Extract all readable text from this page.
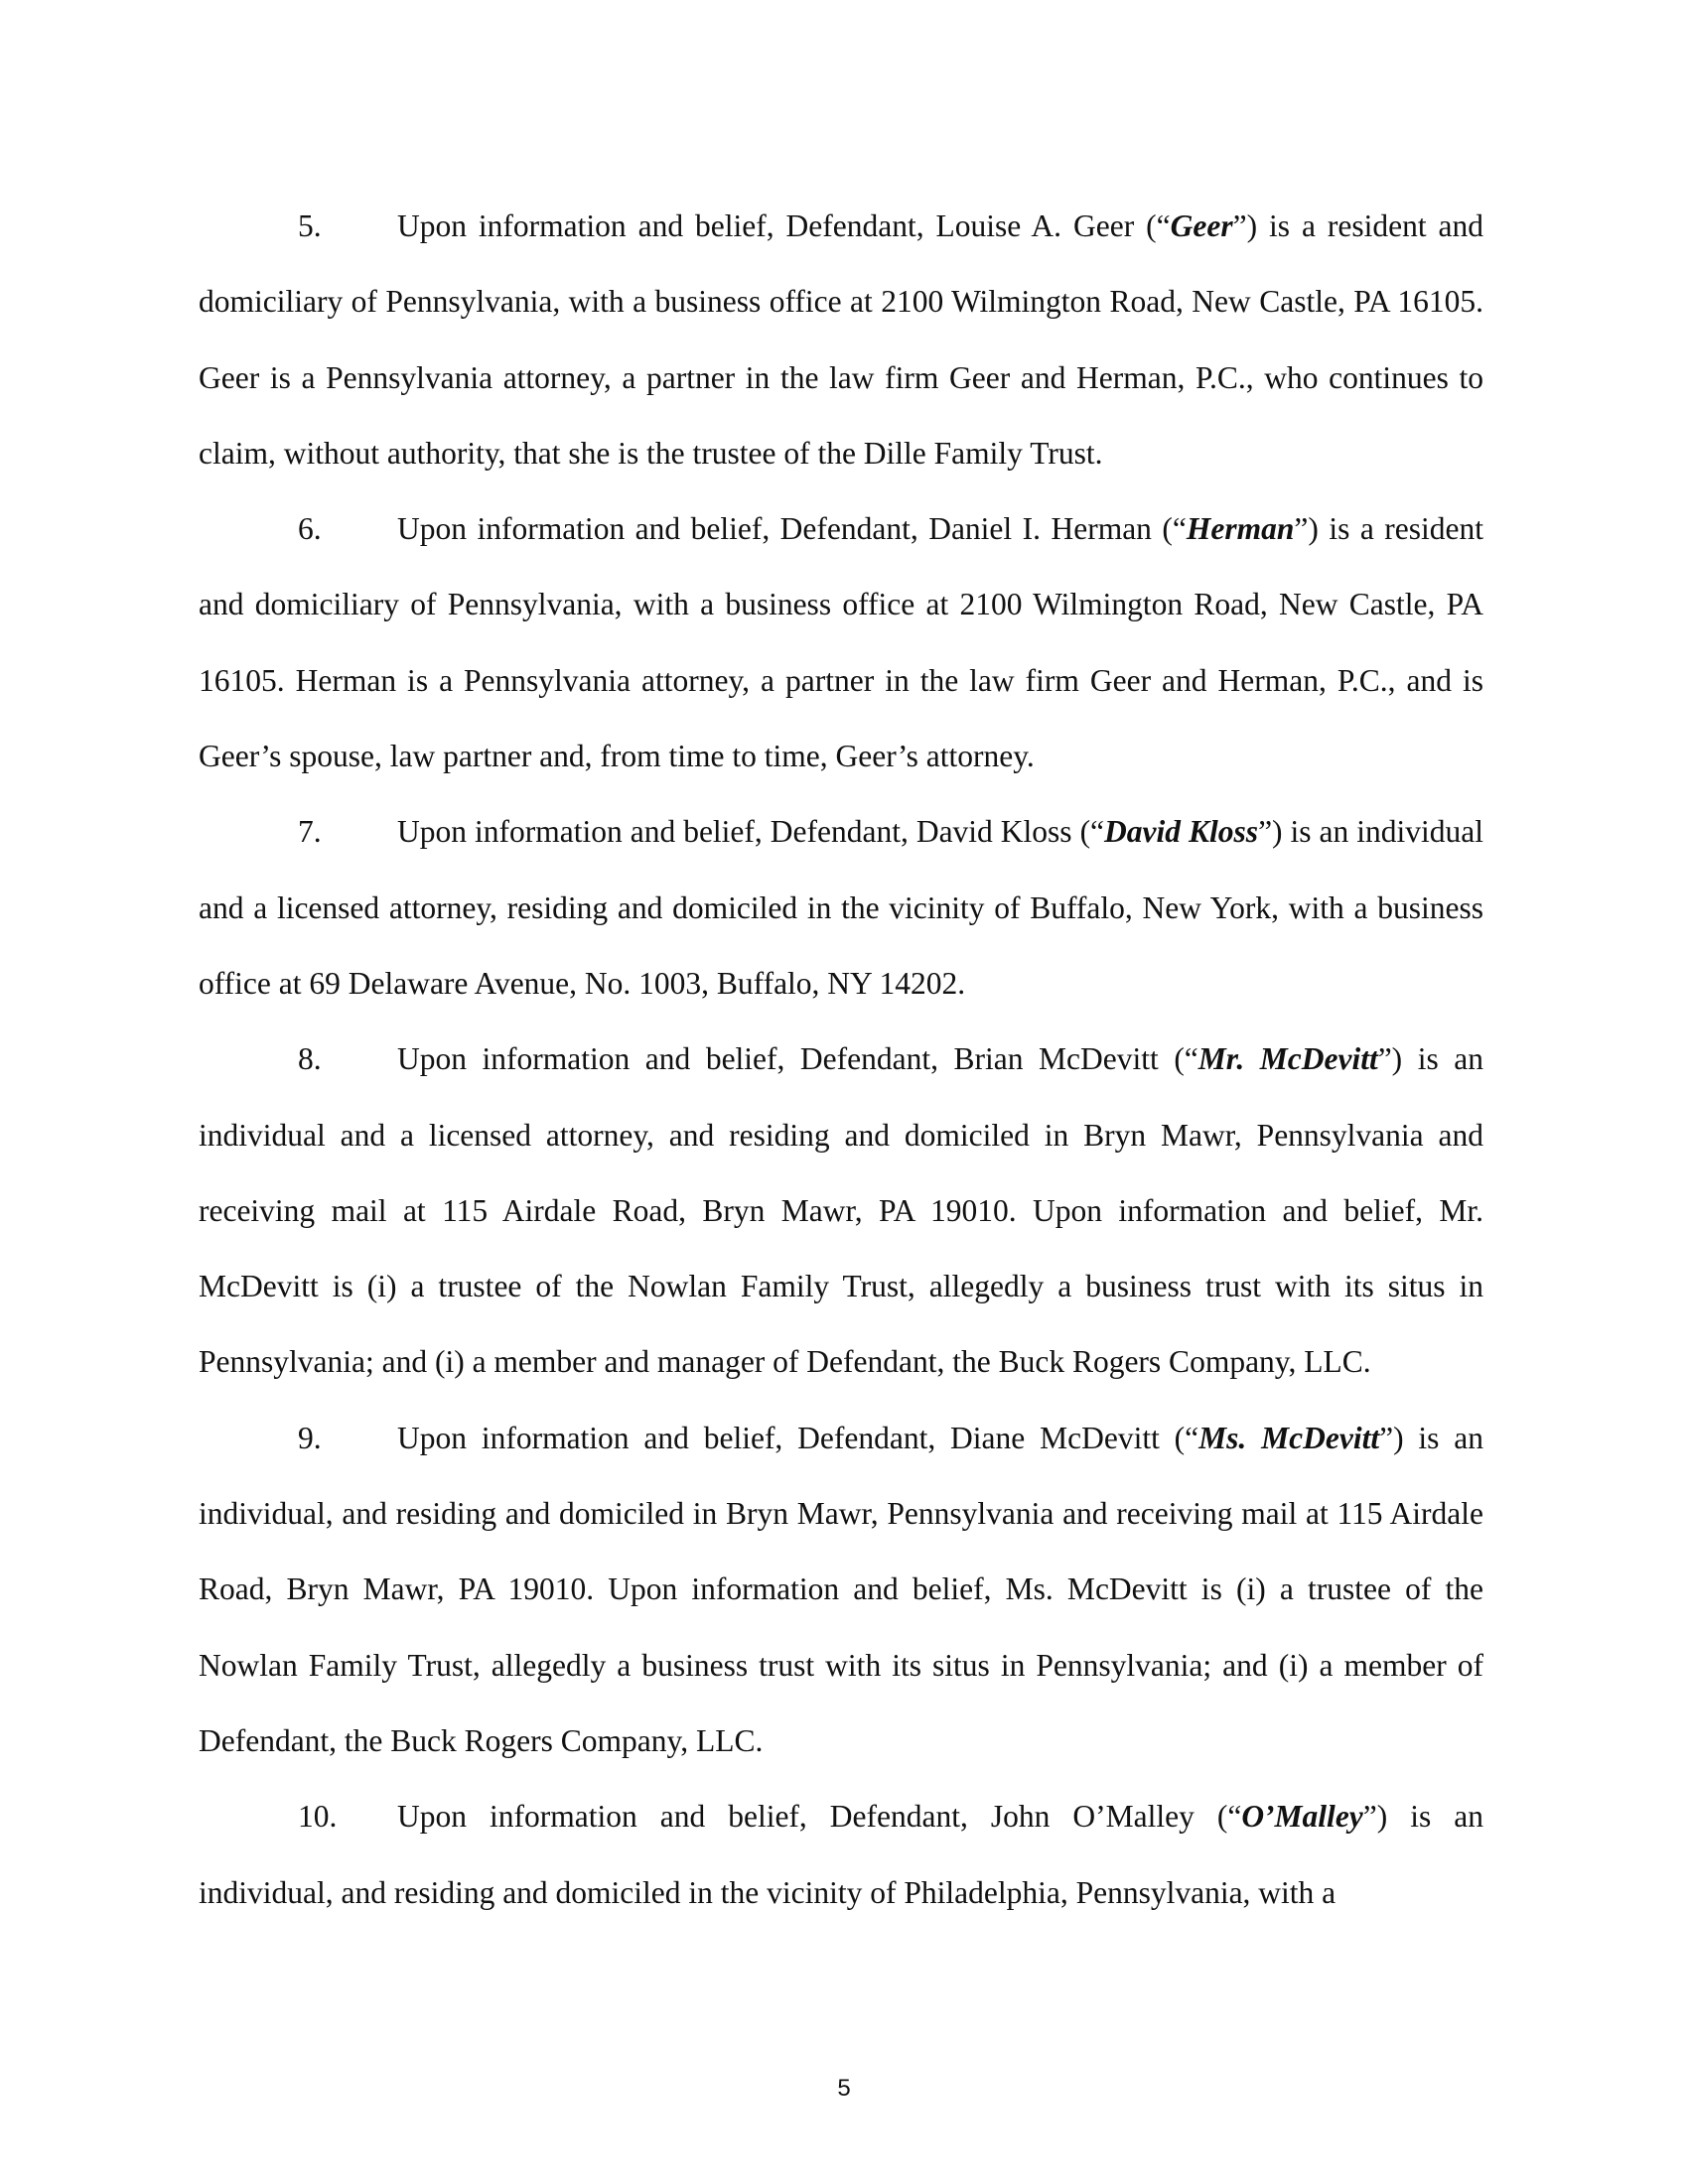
5. Upon information and belief, Defendant, Louise A. Geer (“Geer”) is a resident and domiciliary of Pennsylvania, with a business office at 2100 Wilmington Road, New Castle, PA 16105. Geer is a Pennsylvania attorney, a partner in the law firm Geer and Herman, P.C., who continues to claim, without authority, that she is the trustee of the Dille Family Trust.

6. Upon information and belief, Defendant, Daniel I. Herman (“Herman”) is a resident and domiciliary of Pennsylvania, with a business office at 2100 Wilmington Road, New Castle, PA 16105. Herman is a Pennsylvania attorney, a partner in the law firm Geer and Herman, P.C., and is Geer’s spouse, law partner and, from time to time, Geer’s attorney.

7. Upon information and belief, Defendant, David Kloss (“David Kloss”) is an individual and a licensed attorney, residing and domiciled in the vicinity of Buffalo, New York, with a business office at 69 Delaware Avenue, No. 1003, Buffalo, NY 14202.

8. Upon information and belief, Defendant, Brian McDevitt (“Mr. McDevitt”) is an individual and a licensed attorney, and residing and domiciled in Bryn Mawr, Pennsylvania and receiving mail at 115 Airdale Road, Bryn Mawr, PA 19010. Upon information and belief, Mr. McDevitt is (i) a trustee of the Nowlan Family Trust, allegedly a business trust with its situs in Pennsylvania; and (i) a member and manager of Defendant, the Buck Rogers Company, LLC.

9. Upon information and belief, Defendant, Diane McDevitt (“Ms. McDevitt”) is an individual, and residing and domiciled in Bryn Mawr, Pennsylvania and receiving mail at 115 Airdale Road, Bryn Mawr, PA 19010. Upon information and belief, Ms. McDevitt is (i) a trustee of the Nowlan Family Trust, allegedly a business trust with its situs in Pennsylvania; and (i) a member of Defendant, the Buck Rogers Company, LLC.

10. Upon information and belief, Defendant, John O’Malley (“O’Malley”) is an individual, and residing and domiciled in the vicinity of Philadelphia, Pennsylvania, with a

5
